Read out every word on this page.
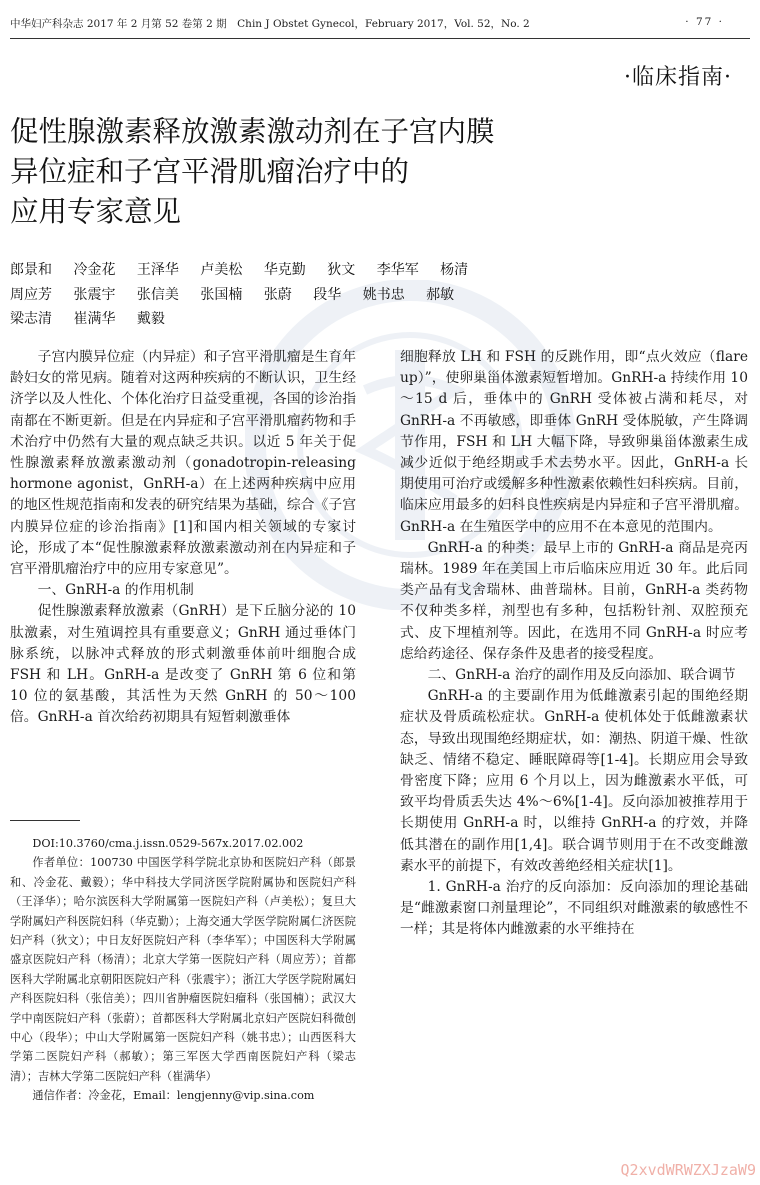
中华妇产科杂志 2017 年 2 月第 52 卷第 2 期　Chin J Obstet Gynecol，February 2017，Vol. 52，No. 2	· 77 ·
·临床指南·
促性腺激素释放激素激动剂在子宫内膜
异位症和子宫平滑肌瘤治疗中的
应用专家意见
郎景和 冷金花 王泽华 卢美松 华克勤 狄文 李华军 杨清
周应芳 张震宇 张信美 张国楠 张蔚 段华 姚书忠 郝敏
梁志清 崔满华 戴毅

子宫内膜异位症（内异症）和子宫平滑肌瘤是生育年龄妇女的常见病。随着对这两种疾病的不断认识，卫生经济学以及人性化、个体化治疗日益受重视，各国的诊治指南都在不断更新。但是在内异症和子宫平滑肌瘤药物和手术治疗中仍然有大量的观点缺乏共识。以近 5 年关于促性腺激素释放激素激动剂（gonadotropin-releasing hormone agonist，GnRH-a）在上述两种疾病中应用的地区性规范指南和发表的研究结果为基础，综合《子宫内膜异位症的诊治指南》[1]和国内相关领域的专家讨论，形成了本“促性腺激素释放激素激动剂在内异症和子宫平滑肌瘤治疗中的应用专家意见”。

一、GnRH-a 的作用机制

促性腺激素释放激素（GnRH）是下丘脑分泌的 10 肽激素，对生殖调控具有重要意义；GnRH 通过垂体门脉系统，以脉冲式释放的形式刺激垂体前叶细胞合成 FSH 和 LH。GnRH-a 是改变了 GnRH 第 6 位和第 10 位的氨基酸，其活性为天然 GnRH 的 50～100 倍。GnRH-a 首次给药初期具有短暂刺激垂体

DOI:10.3760/cma.j.issn.0529-567x.2017.02.002

作者单位：100730 中国医学科学院北京协和医院妇产科（郎景和、冷金花、戴毅）；华中科技大学同济医学院附属协和医院妇产科（王泽华）；哈尔滨医科大学附属第一医院妇产科（卢美松）；复旦大学附属妇产科医院妇科（华克勤）；上海交通大学医学院附属仁济医院妇产科（狄文）；中日友好医院妇产科（李华军）；中国医科大学附属盛京医院妇产科（杨清）；北京大学第一医院妇产科（周应芳）；首都医科大学附属北京朝阳医院妇产科（张震宇）；浙江大学医学院附属妇产科医院妇科（张信美）；四川省肿瘤医院妇瘤科（张国楠）；武汉大学中南医院妇产科（张蔚）；首都医科大学附属北京妇产医院妇科微创中心（段华）；中山大学附属第一医院妇产科（姚书忠）；山西医科大学第二医院妇产科（郝敏）；第三军医大学西南医院妇产科（梁志清）；吉林大学第二医院妇产科（崔满华）

通信作者：冷金花，Email：lengjenny@vip.sina.com

细胞释放 LH 和 FSH 的反跳作用，即“点火效应（flare up）”，使卵巢甾体激素短暂增加。GnRH-a 持续作用 10～15 d 后，垂体中的 GnRH 受体被占满和耗尽，对 GnRH-a 不再敏感，即垂体 GnRH 受体脱敏，产生降调节作用，FSH 和 LH 大幅下降，导致卵巢甾体激素生成减少近似于绝经期或手术去势水平。因此，GnRH-a 长期使用可治疗或缓解多种性激素依赖性妇科疾病。目前，临床应用最多的妇科良性疾病是内异症和子宫平滑肌瘤。GnRH-a 在生殖医学中的应用不在本意见的范围内。

GnRH-a 的种类：最早上市的 GnRH-a 商品是亮丙瑞林。1989 年在美国上市后临床应用近 30 年。此后同类产品有戈舍瑞林、曲普瑞林。目前，GnRH-a 类药物不仅种类多样，剂型也有多种，包括粉针剂、双腔预充式、皮下埋植剂等。因此，在选用不同 GnRH-a 时应考虑给药途径、保存条件及患者的接受程度。

二、GnRH-a 治疗的副作用及反向添加、联合调节

GnRH-a 的主要副作用为低雌激素引起的围绝经期症状及骨质疏松症状。GnRH-a 使机体处于低雌激素状态，导致出现围绝经期症状，如：潮热、阴道干燥、性欲缺乏、情绪不稳定、睡眠障碍等[1-4]。长期应用会导致骨密度下降；应用 6 个月以上，因为雌激素水平低，可致平均骨质丢失达 4%～6%[1-4]。反向添加被推荐用于长期使用 GnRH-a 时，以维持 GnRH-a 的疗效，并降低其潜在的副作用[1,4]。联合调节则用于在不改变雌激素水平的前提下，有效改善绝经相关症状[1]。

1. GnRH-a 治疗的反向添加：反向添加的理论基础是“雌激素窗口剂量理论”，不同组织对雌激素的敏感性不一样；其是将体内雌激素的水平维持在

Q2xvdWRWZXJzaW9
